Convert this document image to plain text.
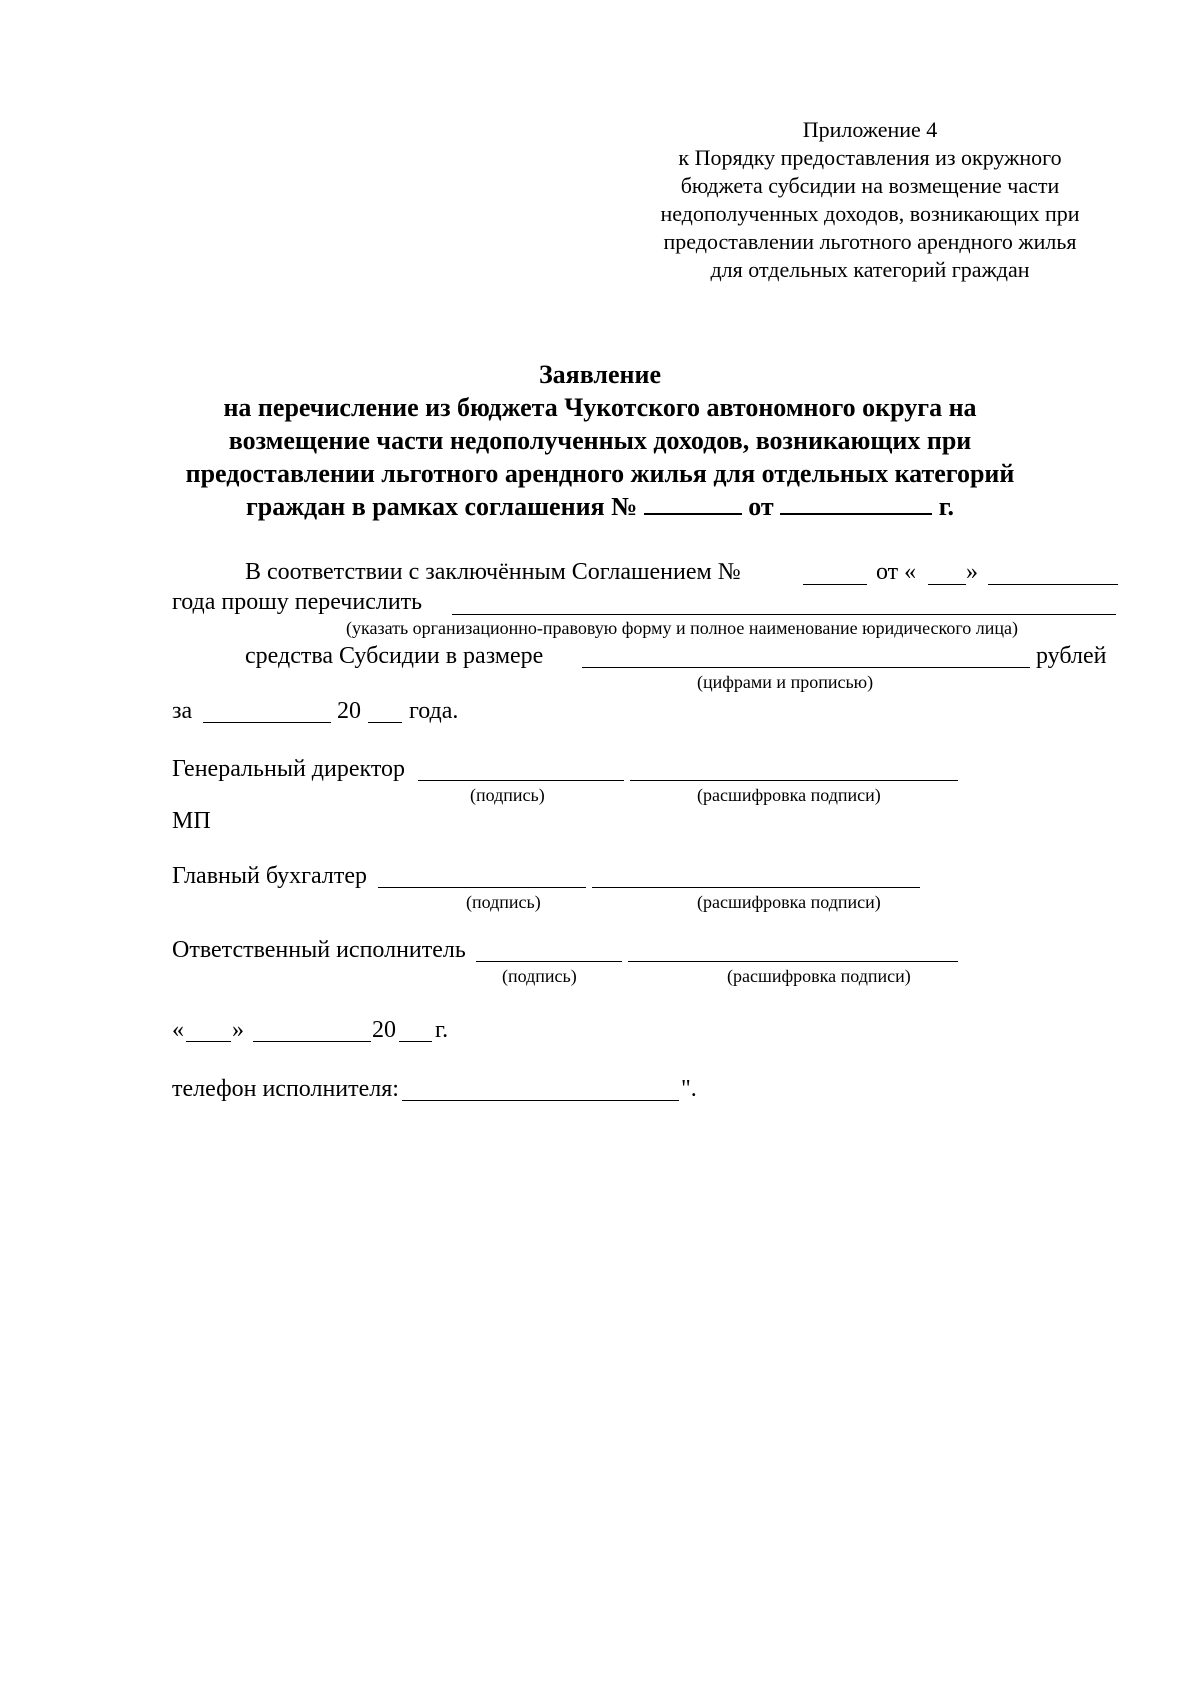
Приложение 4
к Порядку предоставления из окружного
бюджета субсидии на возмещение части
недополученных доходов, возникающих при
предоставлении льготного арендного жилья
для отдельных категорий граждан
Заявление
на перечисление из бюджета Чукотского автономного округа на
возмещение части недополученных доходов, возникающих при
предоставлении льготного арендного жилья для отдельных категорий
граждан в рамках соглашения №	от	г.
В соответствии с заключённым Соглашением №	от « »
года прошу перечислить
(указать организационно-правовую форму и полное наименование юридического лица)
средства Субсидии в размере	рублей
(цифрами и прописью)
за	20 года.
Генеральный директор
(подпись)	(расшифровка подписи)
МП
Главный бухгалтер
(подпись)	(расшифровка подписи)
Ответственный исполнитель
(подпись)	(расшифровка подписи)
« »	20 г.
телефон исполнителя:	".
